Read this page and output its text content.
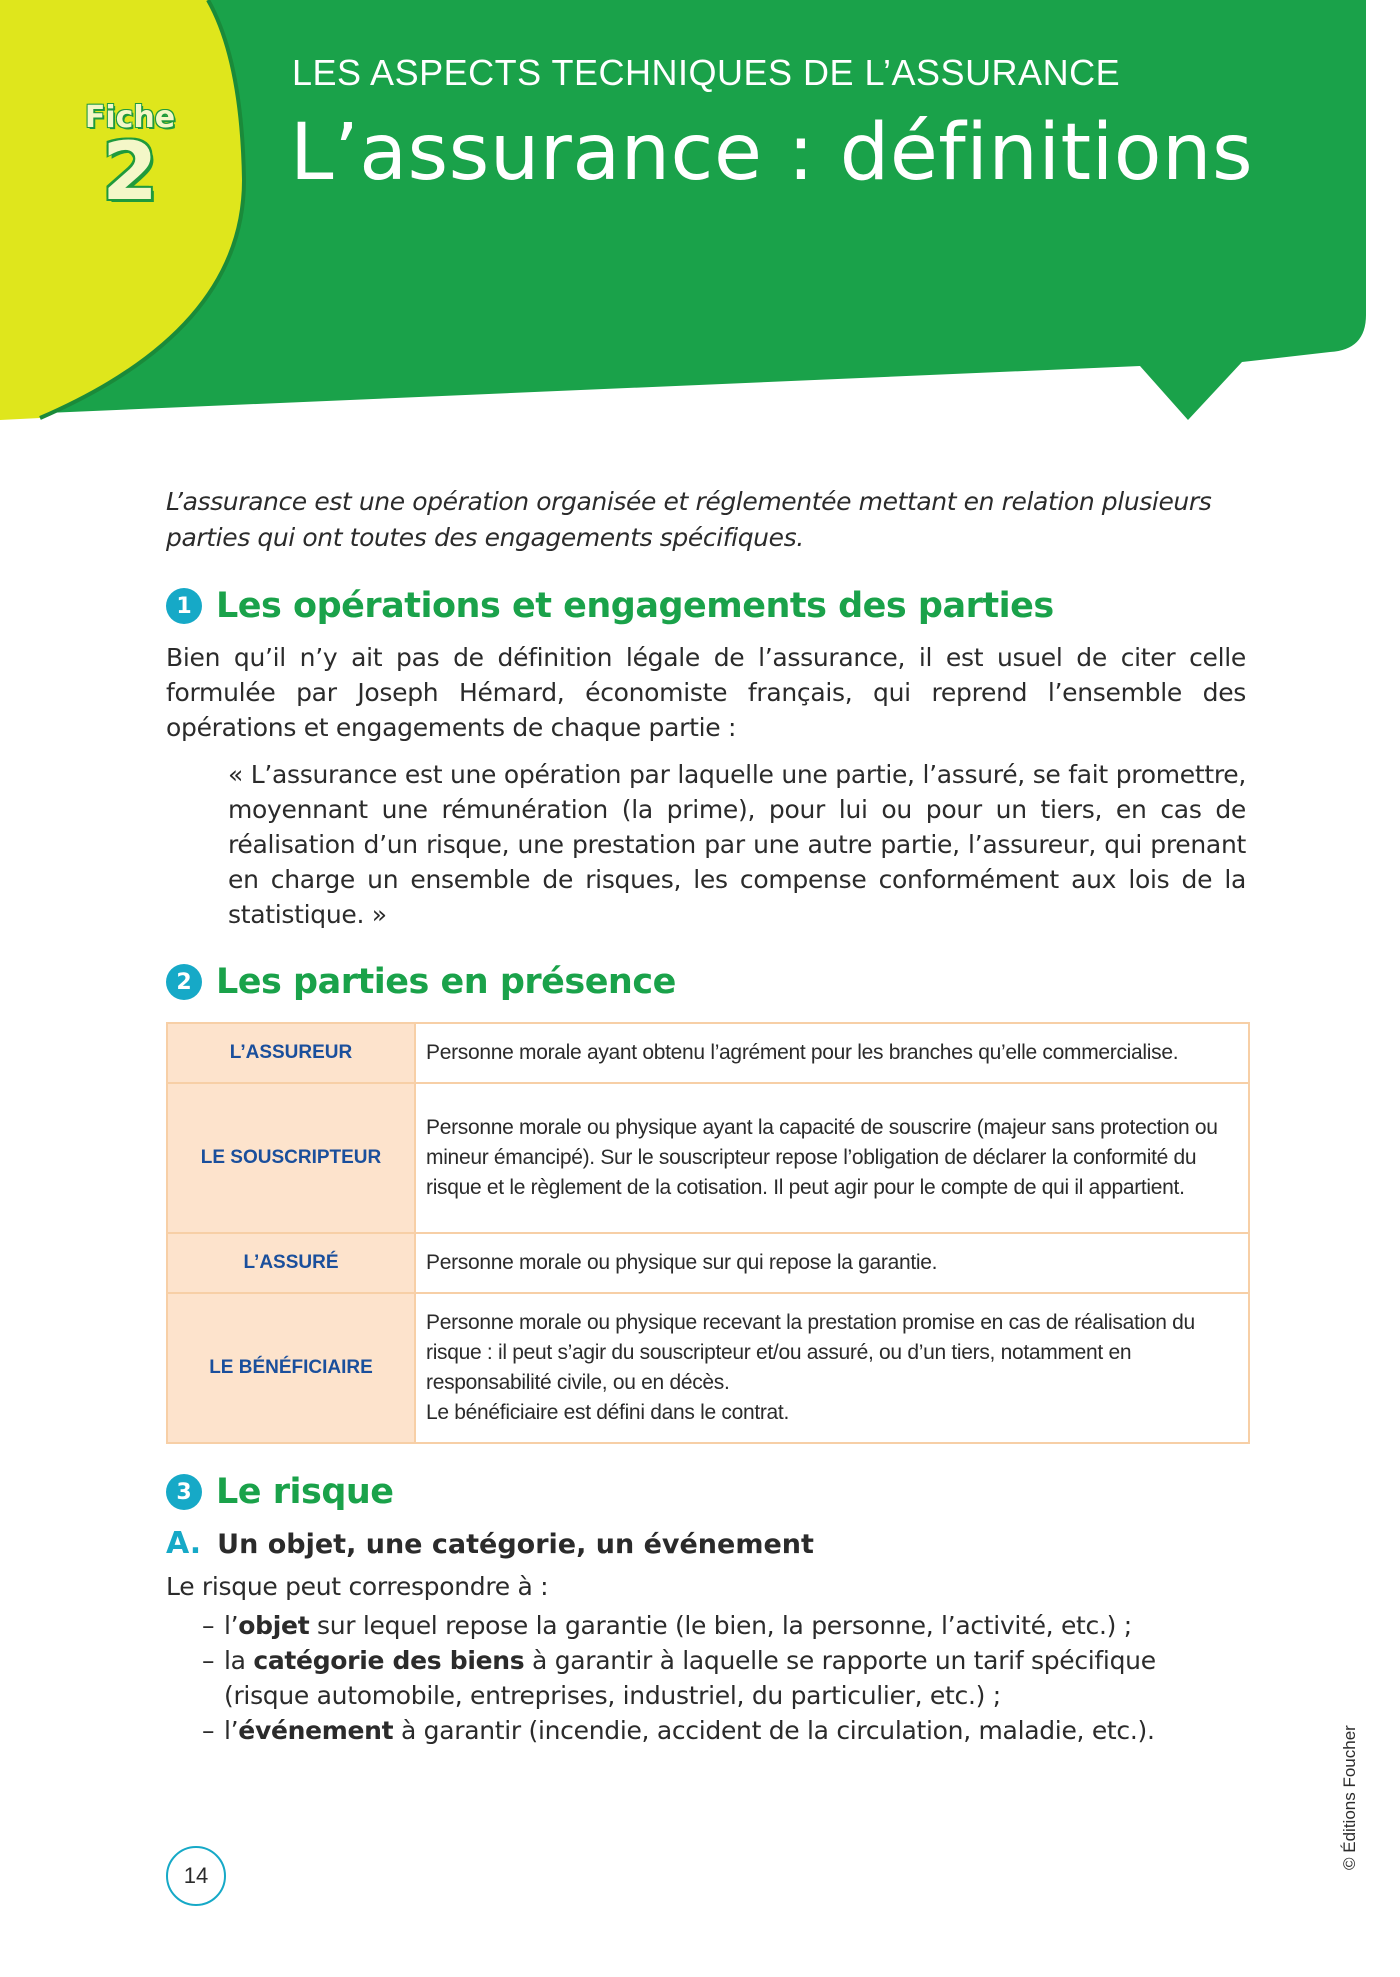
Fiche
2
LES ASPECTS TECHNIQUES DE L’ASSURANCE
L’assurance : définitions

L’assurance est une opération organisée et réglementée mettant en relation plusieurs parties qui ont toutes des engagements spécifiques.

1 Les opérations et engagements des parties

Bien qu’il n’y ait pas de définition légale de l’assurance, il est usuel de citer celle formulée par Joseph Hémard, économiste français, qui reprend l’ensemble des opérations et engagements de chaque partie :

« L’assurance est une opération par laquelle une partie, l’assuré, se fait promettre, moyennant une rémunération (la prime), pour lui ou pour un tiers, en cas de réalisation d’un risque, une prestation par une autre partie, l’assureur, qui prenant en charge un ensemble de risques, les compense conformément aux lois de la statistique. »

2 Les parties en présence
L’ASSUREUR	Personne morale ayant obtenu l’agrément pour les branches qu’elle commercialise.
LE SOUSCRIPTEUR	Personne morale ou physique ayant la capacité de souscrire (majeur sans protection ou mineur émancipé). Sur le souscripteur repose l’obligation de déclarer la conformité du risque et le règlement de la cotisation. Il peut agir pour le compte de qui il appartient.
L’ASSURÉ	Personne morale ou physique sur qui repose la garantie.
LE BÉNÉFICIAIRE	Personne morale ou physique recevant la prestation promise en cas de réalisation du risque : il peut s’agir du souscripteur et/ou assuré, ou d’un tiers, notamment en responsabilité civile, ou en décès.
Le bénéficiaire est défini dans le contrat.
3 Le risque
A. Un objet, une catégorie, un événement

Le risque peut correspondre à :

– l’objet sur lequel repose la garantie (le bien, la personne, l’activité, etc.) ;
– la catégorie des biens à garantir à laquelle se rapporte un tarif spécifique (risque automobile, entreprises, industriel, du particulier, etc.) ;
– l’événement à garantir (incendie, accident de la circulation, maladie, etc.).
14
© Éditions Foucher
